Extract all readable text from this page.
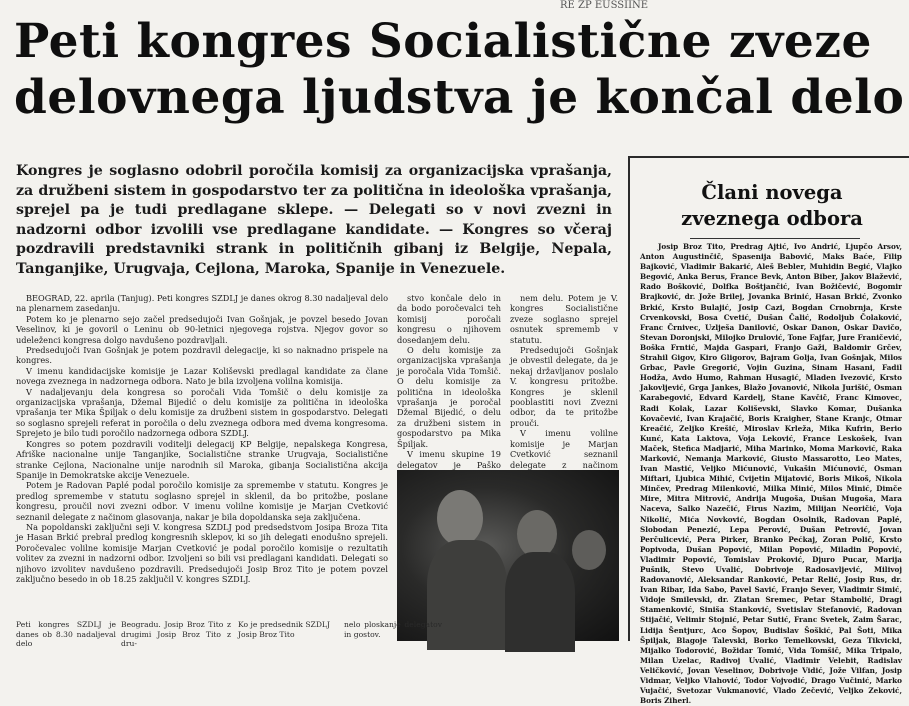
RE ZP EUSSIINE
Peti kongres Socialistične zveze
delovnega ljudstva je končal delo
Kongres je soglasno odobril poročila komisij za organizacijska vprašanja, za družbeni sistem in gospodarstvo ter za politična in ideološka vprašanja, sprejel pa je tudi predlagane sklepe. — Delegati so v novi zvezni in nadzorni odbor izvolili vse predlagane kandidate. — Kongres so včeraj pozdravili predstavniki strank in političnih gibanj iz Belgije, Nepala, Tanganjike, Urugvaja, Cejlona, Maroka, Spanije in Venezuele.

BEOGRAD, 22. aprila (Tanjug). Peti kongres SZDLJ je danes okrog 8.30 nadaljeval delo na plenarnem zasedanju.

Potem ko je plenarno sejo začel predsedujoči Ivan Gošnjak, je povzel besedo Jovan Veselinov, ki je govoril o Leninu ob 90-letnici njegovega rojstva. Njegov govor so udeleženci kongresa dolgo navdušeno pozdravljali.

Predsedujoči Ivan Gošnjak je potem pozdravil delegacije, ki so naknadno prispele na kongres.

V imenu kandidacijske komisije je Lazar Koliševski predlagal kandidate za člane novega zveznega in nadzornega odbora. Nato je bila izvoljena volilna komisija.

V nadaljevanju dela kongresa so poročali Vida Tomšič o delu komisije za organizacijska vprašanja, Džemal Bijedić o delu komisije za politična in ideološka vprašanja ter Mika Špiljak o delu komisije za družbeni sistem in gospodarstvo. Delegati so soglasno sprejeli referat in poročila o delu zveznega odbora med dvema kongresoma. Sprejeto je bilo tudi poročilo nadzornega odbora SZDLJ.

Kongres so potem pozdravili voditelji delegacij KP Belgije, nepalskega Kongresa, Afriške nacionalne unije Tanganjike, Socialistične stranke Urugvaja, Socialistične stranke Cejlona, Nacionalne unije narodnih sil Maroka, gibanja Socialistična akcija Spanije in Demokratske akcije Venezuele.

Potem je Radovan Paplé podal poročilo komisije za spremembe v statutu. Kongres je predlog spremembe v statutu soglasno sprejel in sklenil, da bo pritožbe, poslane kongresu, proučil novi zvezni odbor. V imenu volilne komisije je Marjan Cvetković seznanil delegate z načinom glasovanja, nakar je bila dopoldanska seja zaključena.

Na popoldanski zaključni seji V. kongresa SZDLJ pod predsedstvom Josipa Broza Tita je Hasan Brkić prebral predlog kongresnih sklepov, ki so jih delegati enodušno sprejeli. Poročevalec volilne komisije Marjan Cvetković je podal poročilo komisije o rezultatih volitev za zvezni in nadzorni odbor. Izvoljeni so bili vsi predlagani kandidati. Delegati so njihovo izvolitev navdušeno pozdravili. Predsedujoči Josip Broz Tito je potem povzel zaključno besedo in ob 18.25 zaključil V. kongres SZDLJ.

stvo končale delo in da bodo poročevalci teh komisij poročali kongresu o njihovem dosedanjem delu.

O delu komisije za organizacijska vprašanja je poročala Vida Tomšič. O delu komisije za politična in ideološka vprašanja je poročal Džemal Bijedić, o delu za družbeni sistem in gospodarstvo pa Mika Špiljak.

V imenu skupine 19 delegatov je Paško

nem delu. Potem je V. kongres Socialistične zveze soglasno sprejel osnutek sprememb v statutu.

Predsedujoči Gošnjak je obvestil delegate, da je nekaj državljanov poslalo V. kongresu pritožbe. Kongres je sklenil pooblastiti novi Zvezni odbor, da te pritožbe prouči.

V imenu volilne komisije je Marjan Cvetković seznanil delegate z načinom

Člani novega zveznega odbora
Josip Broz Tito, Predrag Ajtić, Ivo Andrić, Ljupčo Arsov, Anton Augustinčič, Spasenija Babović, Maks Baće, Filip Bajković, Vladimir Bakarić, Aleš Bebler, Muhidin Begić, Vlajko Begović, Anka Berus, France Bevk, Anton Biber, Jakov Blažević, Rado Bošković, Dolfka Boštjančić, Ivan Božičević, Bogomir Brajković, dr. Jože Brilej, Jovanka Brinić, Hasan Brkić, Zvonko Brkić, Krsto Bulajić, Josip Cazi, Bogdan Crnobrnja, Krste Crvenkovski, Bosa Cvetić, Dušan Čalić, Rodoljub Čolaković, Franc Črnivec, Uzlješa Danilović, Oskar Danon, Oskar Davičo, Stevan Doronjski, Milojko Drulović, Tone Fajfar, Jure Franičević, Boška Frntić, Majda Gaspari, Franjo Gaži, Baldomir Grčev, Strahil Gigov, Kiro Gligorov, Bajram Golja, Ivan Gošnjak, Milos Grbac, Pavle Gregorić, Vojin Guzina, Sinam Hasani, Fadil Hodža, Avdo Humo, Rahman Husagić, Mladen Ivezović, Krsto Jakovljević, Grga Jankes, Blažo Jovanović, Nikola Jurišić, Osman Karabegović, Edvard Kardelj, Stane Kavčič, Franc Kimovec, Radi Kolak, Lazar Koliševski, Slavko Komar, Dušanka Kovačević, Ivan Krajačić, Boris Kraigher, Stane Kranjc, Otmar Kreačić, Zeljko Krešić, Miroslav Krleža, Mika Kufrin, Berio Kunć, Kata Laktova, Voja Leković, France Leskošek, Ivan Maček, Stefica Madjarić, Miha Marinko, Moma Marković, Raka Marković, Nemanja Marković, Giusto Massarotto, Leo Mates, Ivan Mastić, Veljko Mićunović, Vukašin Mićunović, Osman Miftari, Ljubica Mihić, Cvijetin Mijatović, Boris Mikoš, Nikola Minčev, Predrag Milenković, Milka Minić, Milos Minić, Dimče Mire, Mitra Mitrović, Andrija Mugoša, Dušan Mugoša, Mara Naceva, Salko Nazečić, Firus Nazim, Milijan Neoričić, Voja Nikolić, Mića Novković, Bogdan Osolnik, Radovan Paplé, Slobodan Penezić, Lepa Perović, Dušan Petrović, Jovan Perčulicević, Pera Pirker, Branko Pećkaj, Zoran Polič, Krsto Popivoda, Dušan Popović, Milan Popović, Miladin Popović, Vladimir Popović, Tomislav Proković, Djuro Pucar, Marija Pušnik, Stevo Uvalić, Dobrivoje Radosavljević, Milivoj Radovanović, Aleksandar Ranković, Petar Relić, Josip Rus, dr. Ivan Ribar, Ida Sabo, Pavel Savić, Franjo Sever, Vladimir Simić, Vidoje Smilevski, dr. Zlatan Sremec, Petar Stambolić, Dragi Stamenković, Siniša Stanković, Svetislav Stefanović, Radovan Stijačić, Velimir Stojnić, Petar Sutić, Franc Svetek, Zaim Šarac, Lidija Šentjurc, Aco Šopov, Budislav Šoškić, Pal Šoti, Mika Špiljak, Blagoje Talevski, Borko Temelkovski, Geza Tikvicki, Mijalko Todorović, Božidar Tomić, Vida Tomšič, Mika Tripalo, Milan Uzelac, Radivoj Uvalić, Vladimir Velebit, Radislav Veličković, Jovan Veselinov, Dobrivoje Vidić, Jože Vilfan, Josip Vidmar, Veljko Vlahović, Todor Vojvodić, Drago Vučinić, Marko Vujačić, Svetozar Vukmanović, Vlado Zečević, Veljko Zeković, Boris Ziherl.

Peti kongres SZDLJ je danes ob 8.30 nadaljeval delo

Beogradu. Josip Broz Tito z drugimi Josip Broz Tito z dru-

Ko je predsednik SZDLJ Josip Broz Tito

nelo ploskanje delegatov in gostov.
